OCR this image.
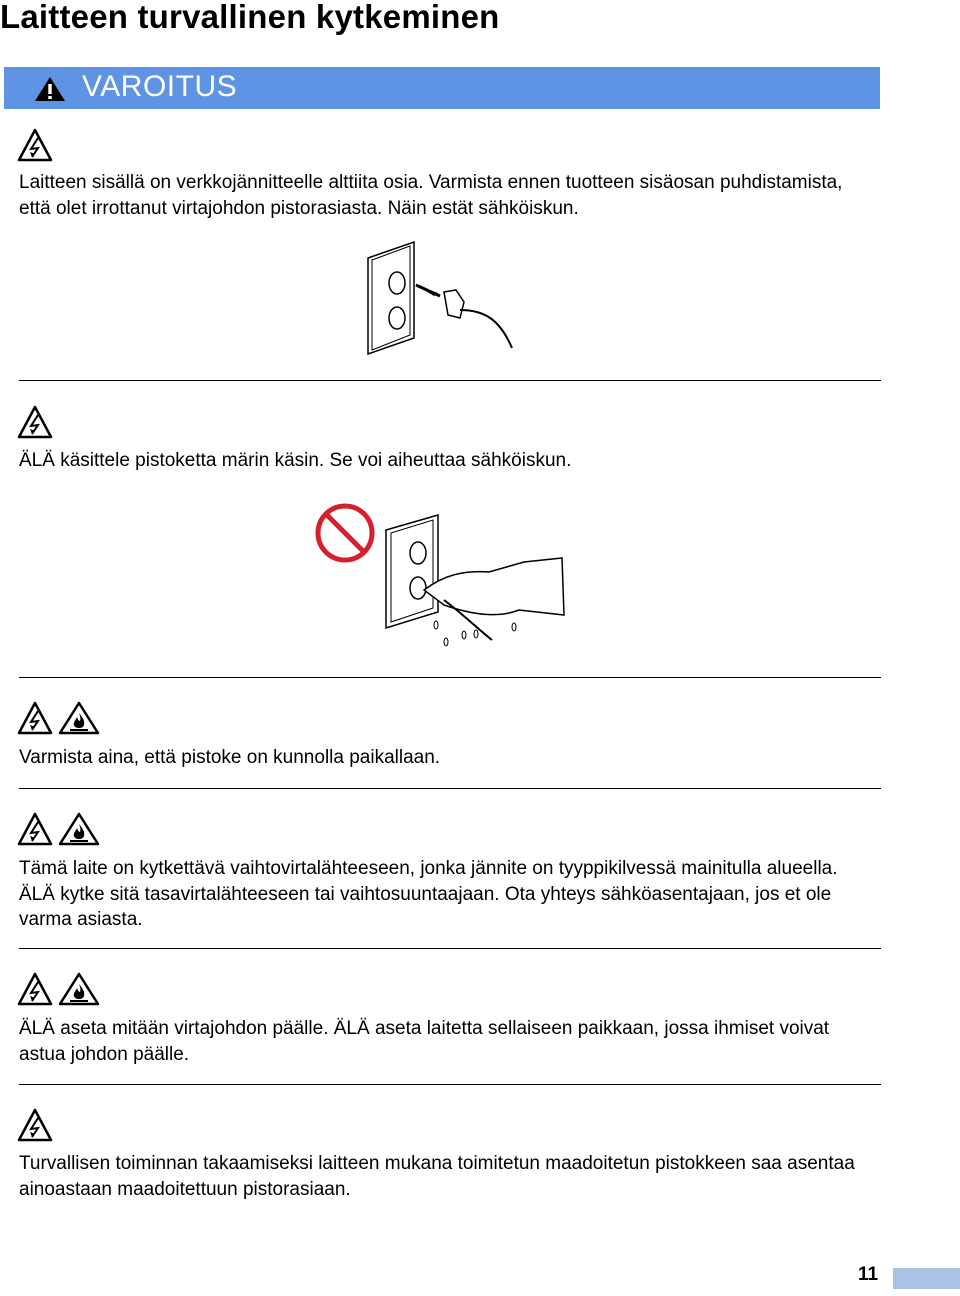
Laitteen turvallinen kytkeminen
VAROITUS

Laitteen sisällä on verkkojännitteelle alttiita osia. Varmista ennen tuotteen sisäosan puhdistamista, että olet irrottanut virtajohdon pistorasiasta. Näin estät sähköiskun.

ÄLÄ käsittele pistoketta märin käsin. Se voi aiheuttaa sähköiskun.

Varmista aina, että pistoke on kunnolla paikallaan.

Tämä laite on kytkettävä vaihtovirtalähteeseen, jonka jännite on tyyppikilvessä mainitulla alueella. ÄLÄ kytke sitä tasavirtalähteeseen tai vaihtosuuntaajaan. Ota yhteys sähköasentajaan, jos et ole varma asiasta.

ÄLÄ aseta mitään virtajohdon päälle. ÄLÄ aseta laitetta sellaiseen paikkaan, jossa ihmiset voivat astua johdon päälle.

Turvallisen toiminnan takaamiseksi laitteen mukana toimitetun maadoitetun pistokkeen saa asentaa ainoastaan maadoitettuun pistorasiaan.

11
